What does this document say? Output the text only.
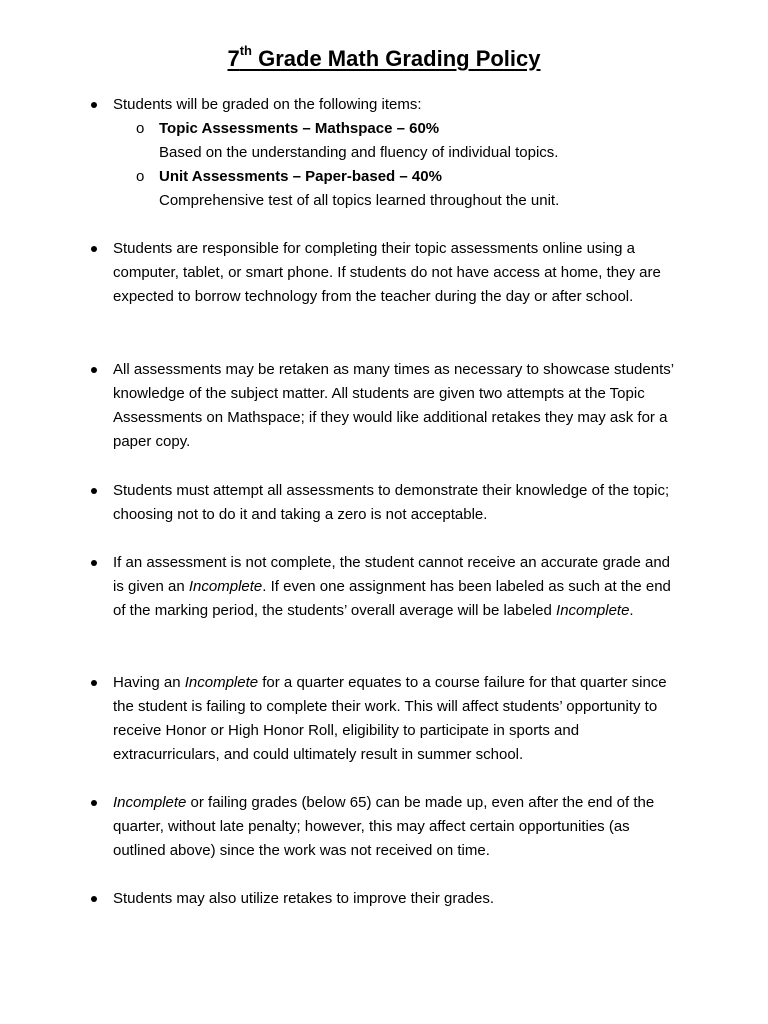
7th Grade Math Grading Policy
Students will be graded on the following items:
o Topic Assessments – Mathspace – 60%
Based on the understanding and fluency of individual topics.
o Unit Assessments – Paper-based – 40%
Comprehensive test of all topics learned throughout the unit.
Students are responsible for completing their topic assessments online using a computer, tablet, or smart phone. If students do not have access at home, they are expected to borrow technology from the teacher during the day or after school.
All assessments may be retaken as many times as necessary to showcase students’ knowledge of the subject matter. All students are given two attempts at the Topic Assessments on Mathspace; if they would like additional retakes they may ask for a paper copy.
Students must attempt all assessments to demonstrate their knowledge of the topic; choosing not to do it and taking a zero is not acceptable.
If an assessment is not complete, the student cannot receive an accurate grade and is given an Incomplete. If even one assignment has been labeled as such at the end of the marking period, the students’ overall average will be labeled Incomplete.
Having an Incomplete for a quarter equates to a course failure for that quarter since the student is failing to complete their work. This will affect students’ opportunity to receive Honor or High Honor Roll, eligibility to participate in sports and extracurriculars, and could ultimately result in summer school.
Incomplete or failing grades (below 65) can be made up, even after the end of the quarter, without late penalty; however, this may affect certain opportunities (as outlined above) since the work was not received on time.
Students may also utilize retakes to improve their grades.
